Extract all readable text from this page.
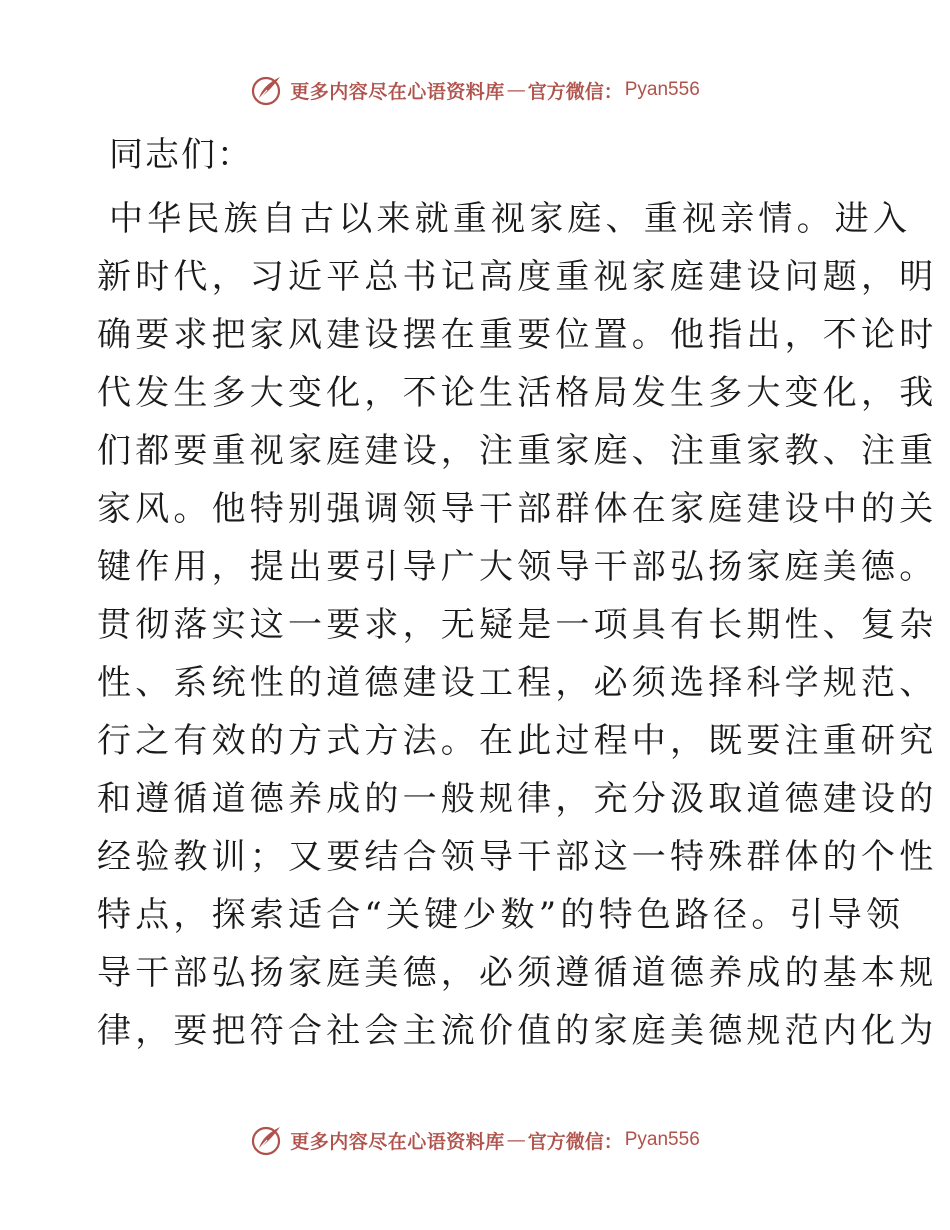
更多内容尽在心语资料库 — 官方微信： Pyan556
同志们：
中华民族自古以来就重视家庭、重视亲情。进入
新时代，习近平总书记高度重视家庭建设问题，明
确要求把家风建设摆在重要位置。他指出，不论时
代发生多大变化，不论生活格局发生多大变化，我
们都要重视家庭建设，注重家庭、注重家教、注重
家风。他特别强调领导干部群体在家庭建设中的关
键作用，提出要引导广大领导干部弘扬家庭美德。
贯彻落实这一要求，无疑是一项具有长期性、复杂
性、系统性的道德建设工程，必须选择科学规范、
行之有效的方式方法。在此过程中，既要注重研究
和遵循道德养成的一般规律，充分汲取道德建设的
经验教训；又要结合领导干部这一特殊群体的个性
特点，探索适合“关键少数”的特色路径。引导领
导干部弘扬家庭美德，必须遵循道德养成的基本规
律，要把符合社会主流价值的家庭美德规范内化为
更多内容尽在心语资料库 — 官方微信： Pyan556
